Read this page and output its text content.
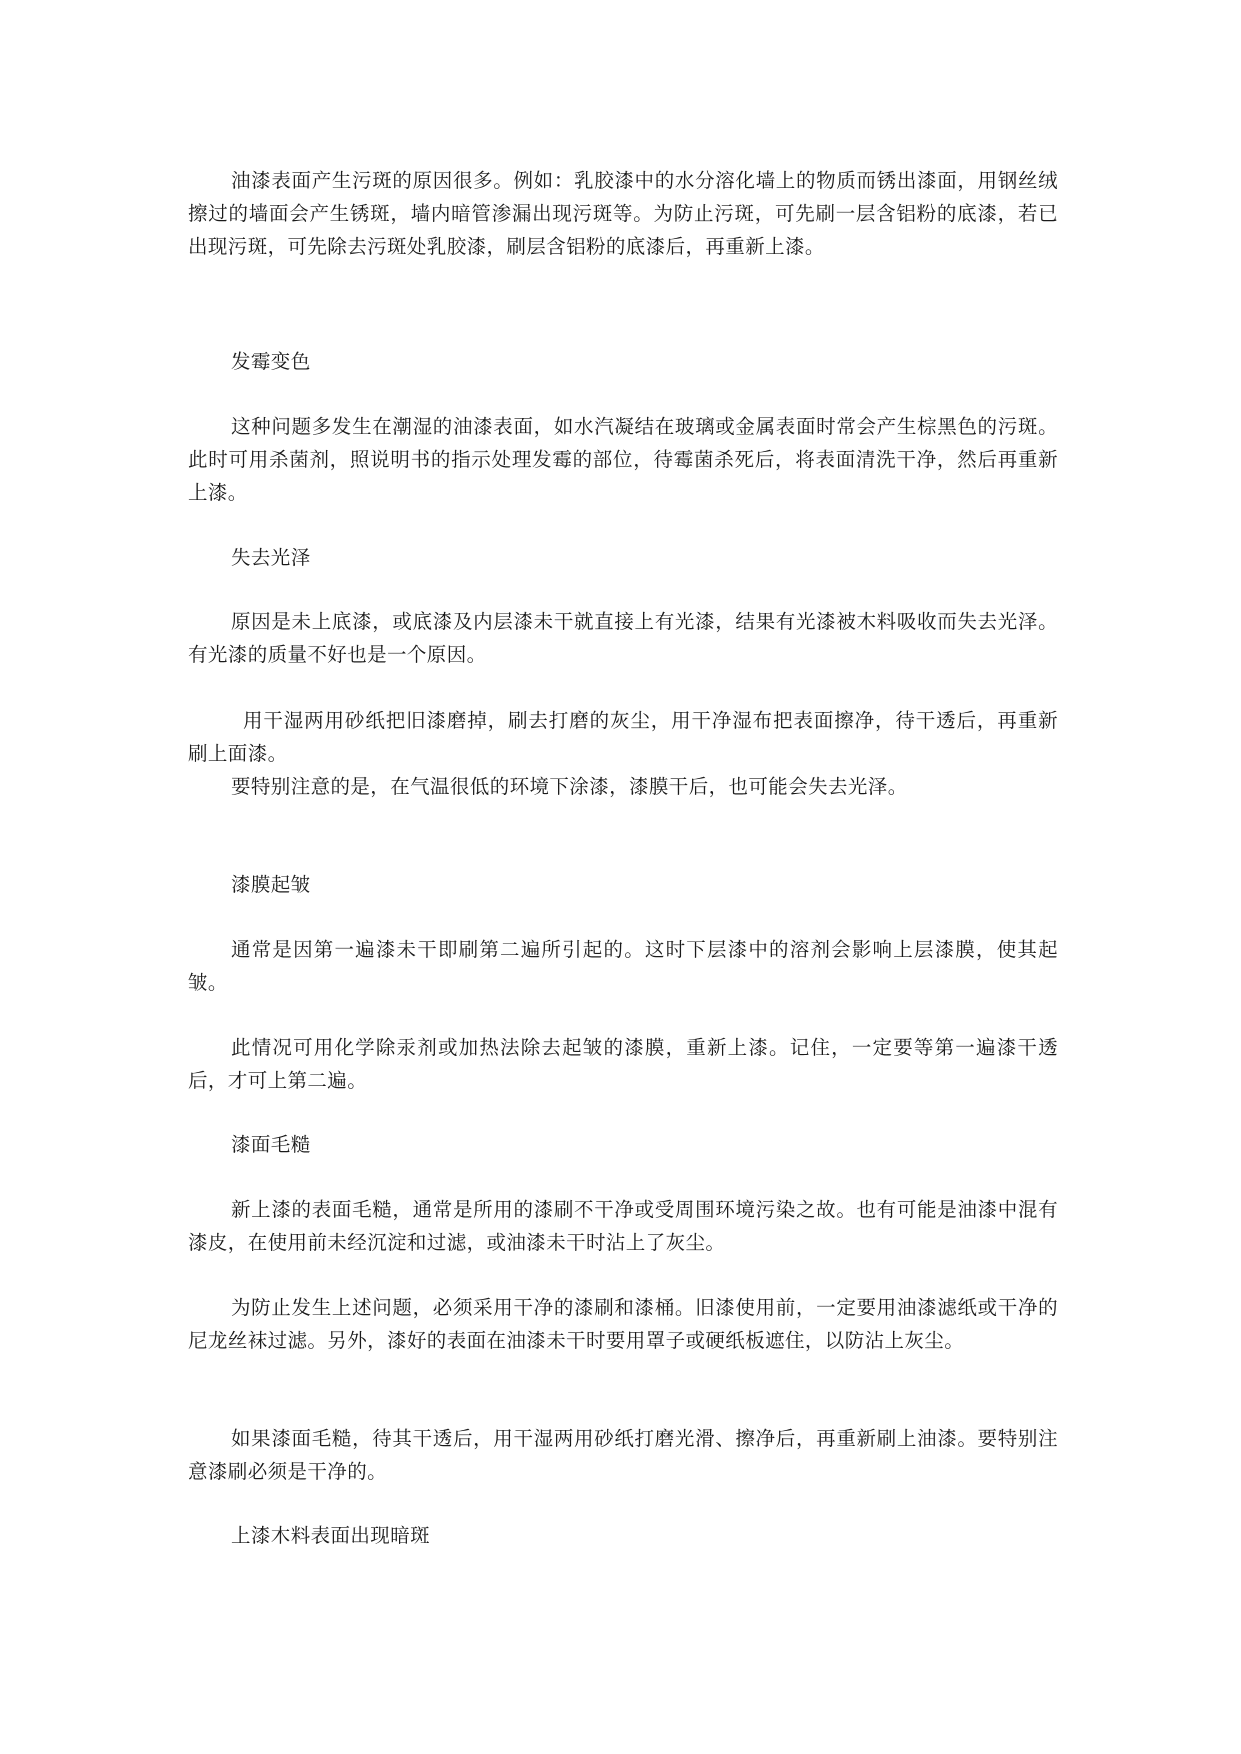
油漆表面产生污斑的原因很多。例如：乳胶漆中的水分溶化墙上的物质而锈出漆面，用钢丝绒擦过的墙面会产生锈斑，墙内暗管渗漏出现污斑等。为防止污斑，可先刷一层含铝粉的底漆，若已出现污斑，可先除去污斑处乳胶漆，刷层含铝粉的底漆后，再重新上漆。

发霉变色

这种问题多发生在潮湿的油漆表面，如水汽凝结在玻璃或金属表面时常会产生棕黑色的污斑。此时可用杀菌剂，照说明书的指示处理发霉的部位，待霉菌杀死后，将表面清洗干净，然后再重新上漆。

失去光泽

原因是未上底漆，或底漆及内层漆未干就直接上有光漆，结果有光漆被木料吸收而失去光泽。有光漆的质量不好也是一个原因。

用干湿两用砂纸把旧漆磨掉，刷去打磨的灰尘，用干净湿布把表面擦净，待干透后，再重新刷上面漆。

要特别注意的是，在气温很低的环境下涂漆，漆膜干后，也可能会失去光泽。

漆膜起皱

通常是因第一遍漆未干即刷第二遍所引起的。这时下层漆中的溶剂会影响上层漆膜，使其起皱。

此情况可用化学除汞剂或加热法除去起皱的漆膜，重新上漆。记住，一定要等第一遍漆干透后，才可上第二遍。

漆面毛糙

新上漆的表面毛糙，通常是所用的漆刷不干净或受周围环境污染之故。也有可能是油漆中混有漆皮，在使用前未经沉淀和过滤，或油漆未干时沾上了灰尘。

为防止发生上述问题，必须采用干净的漆刷和漆桶。旧漆使用前，一定要用油漆滤纸或干净的尼龙丝袜过滤。另外，漆好的表面在油漆未干时要用罩子或硬纸板遮住，以防沾上灰尘。

如果漆面毛糙，待其干透后，用干湿两用砂纸打磨光滑、擦净后，再重新刷上油漆。要特别注意漆刷必须是干净的。

上漆木料表面出现暗斑
